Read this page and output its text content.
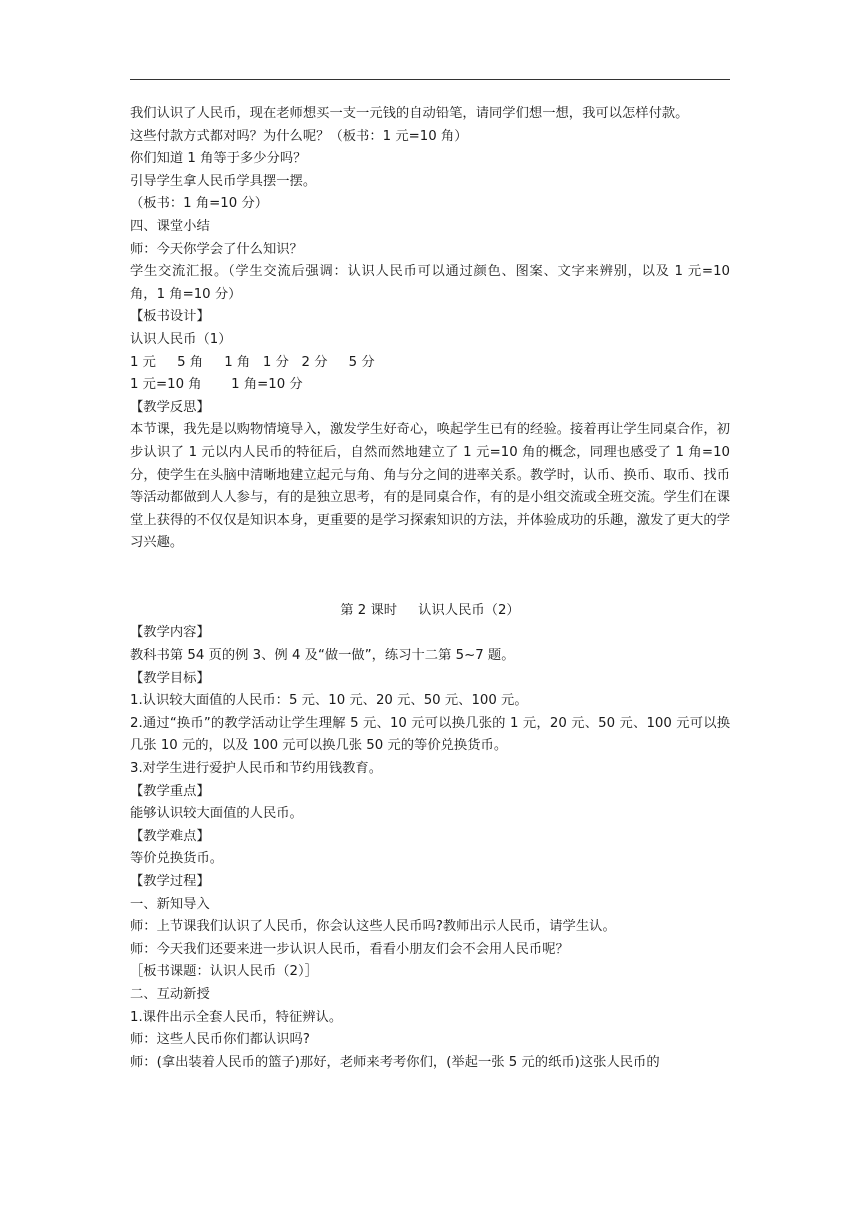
我们认识了人民币，现在老师想买一支一元钱的自动铅笔，请同学们想一想，我可以怎样付款。
这些付款方式都对吗？为什么呢？（板书：1 元=10 角）
你们知道 1 角等于多少分吗？
引导学生拿人民币学具摆一摆。
（板书：1 角=10 分）
四、课堂小结
师：今天你学会了什么知识？
学生交流汇报。（学生交流后强调：认识人民币可以通过颜色、图案、文字来辨别，以及 1 元=10 角，1 角=10 分）
【板书设计】
认识人民币（1）
1 元     5 角     1 角   1 分   2 分     5 分
1 元=10 角       1 角=10 分
【教学反思】
本节课，我先是以购物情境导入，激发学生好奇心，唤起学生已有的经验。接着再让学生同桌合作，初步认识了 1 元以内人民币的特征后，自然而然地建立了 1 元=10 角的概念，同理也感受了 1 角=10 分，使学生在头脑中清晰地建立起元与角、角与分之间的进率关系。教学时，认币、换币、取币、找币等活动都做到人人参与，有的是独立思考，有的是同桌合作，有的是小组交流或全班交流。学生们在课堂上获得的不仅仅是知识本身，更重要的是学习探索知识的方法，并体验成功的乐趣，激发了更大的学习兴趣。
第 2 课时     认识人民币（2）
【教学内容】
教科书第 54 页的例 3、例 4 及“做一做”，练习十二第 5~7 题。
【教学目标】
1.认识较大面值的人民币：5 元、10 元、20 元、50 元、100 元。
2.通过“换币”的教学活动让学生理解 5 元、10 元可以换几张的 1 元，20 元、50 元、100 元可以换几张 10 元的，以及 100 元可以换几张 50 元的等价兑换货币。
3.对学生进行爱护人民币和节约用钱教育。
【教学重点】
能够认识较大面值的人民币。
【教学难点】
等价兑换货币。
【教学过程】
一、新知导入
师：上节课我们认识了人民币，你会认这些人民币吗?教师出示人民币，请学生认。
师：今天我们还要来进一步认识人民币，看看小朋友们会不会用人民币呢？
［板书课题：认识人民币（2）］
二、互动新授
1.课件出示全套人民币，特征辨认。
师：这些人民币你们都认识吗?
师：(拿出装着人民币的篮子)那好，老师来考考你们，(举起一张 5 元的纸币)这张人民币的
